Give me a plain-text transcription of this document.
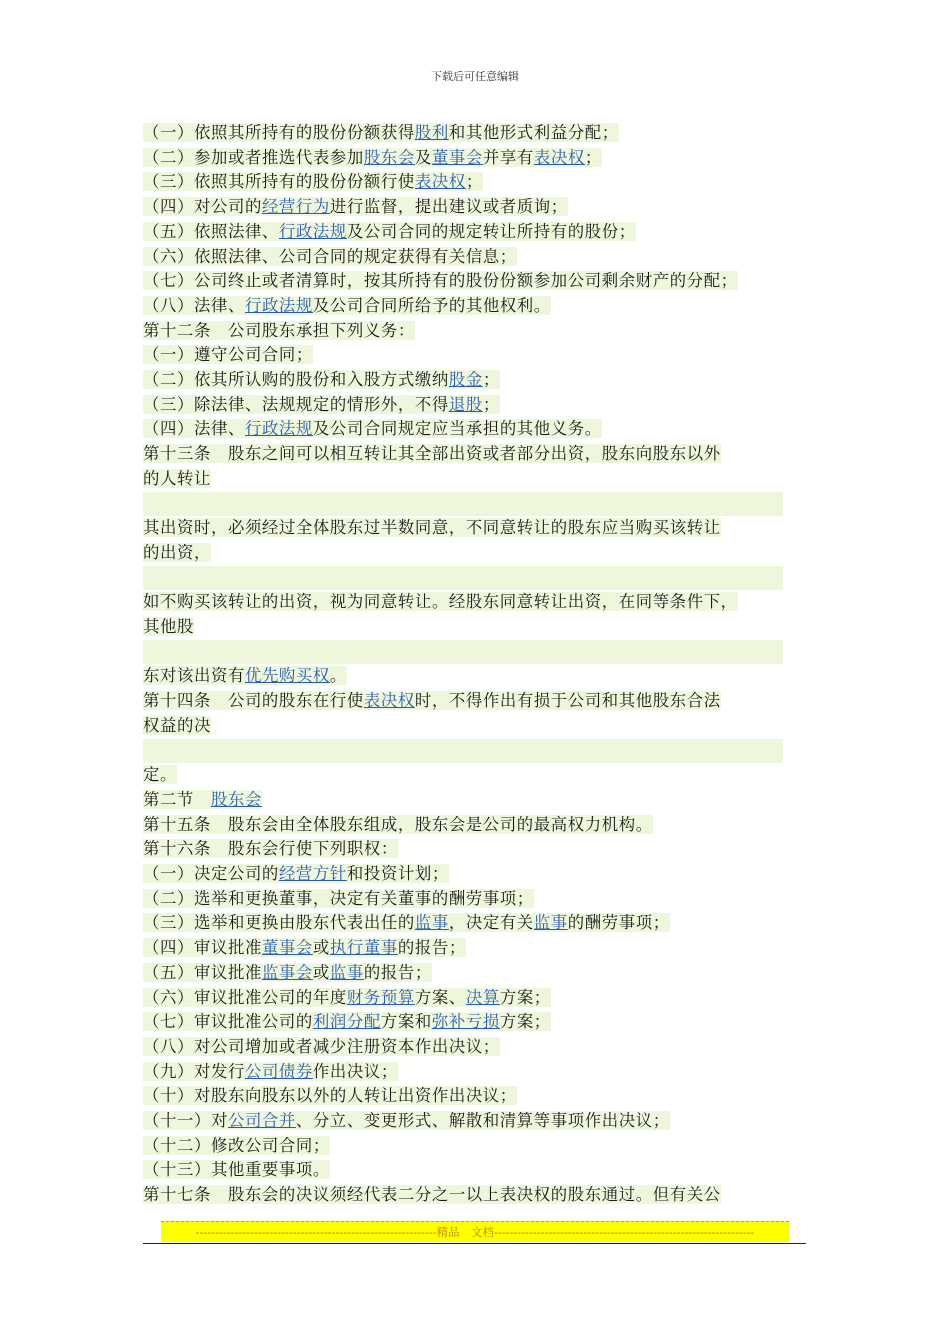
下载后可任意编辑
（一）依照其所持有的股份份额获得股利和其他形式利益分配；
（二）参加或者推选代表参加股东会及董事会并享有表决权；
（三）依照其所持有的股份份额行使表决权；
（四）对公司的经营行为进行监督，提出建议或者质询；
（五）依照法律、行政法规及公司合同的规定转让所持有的股份；
（六）依照法律、公司合同的规定获得有关信息；
（七）公司终止或者清算时，按其所持有的股份份额参加公司剩余财产的分配；
（八）法律、行政法规及公司合同所给予的其他权利。
第十二条　公司股东承担下列义务：
（一）遵守公司合同；
（二）依其所认购的股份和入股方式缴纳股金；
（三）除法律、法规规定的情形外，不得退股；
（四）法律、行政法规及公司合同规定应当承担的其他义务。
第十三条　股东之间可以相互转让其全部出资或者部分出资，股东向股东以外
的人转让
其出资时，必须经过全体股东过半数同意，不同意转让的股东应当购买该转让
的出资，
如不购买该转让的出资，视为同意转让。经股东同意转让出资，在同等条件下，
其他股
东对该出资有优先购买权。
第十四条　公司的股东在行使表决权时，不得作出有损于公司和其他股东合法
权益的决
定。
第二节　股东会
第十五条　股东会由全体股东组成，股东会是公司的最高权力机构。
第十六条　股东会行使下列职权：
（一）决定公司的经营方针和投资计划；
（二）选举和更换董事，决定有关董事的酬劳事项；
（三）选举和更换由股东代表出任的监事，决定有关监事的酬劳事项；
（四）审议批准董事会或执行董事的报告；
（五）审议批准监事会或监事的报告；
（六）审议批准公司的年度财务预算方案、决算方案；
（七）审议批准公司的利润分配方案和弥补亏损方案；
（八）对公司增加或者减少注册资本作出决议；
（九）对发行公司债券作出决议；
（十）对股东向股东以外的人转让出资作出决议；
（十一）对公司合并、分立、变更形式、解散和清算等事项作出决议；
（十二）修改公司合同；
（十三）其他重要事项。
第十七条　股东会的决议须经代表二分之一以上表决权的股东通过。但有关公
--------------------------------------------------------------精品　文档-------------------------------------------------------------------
